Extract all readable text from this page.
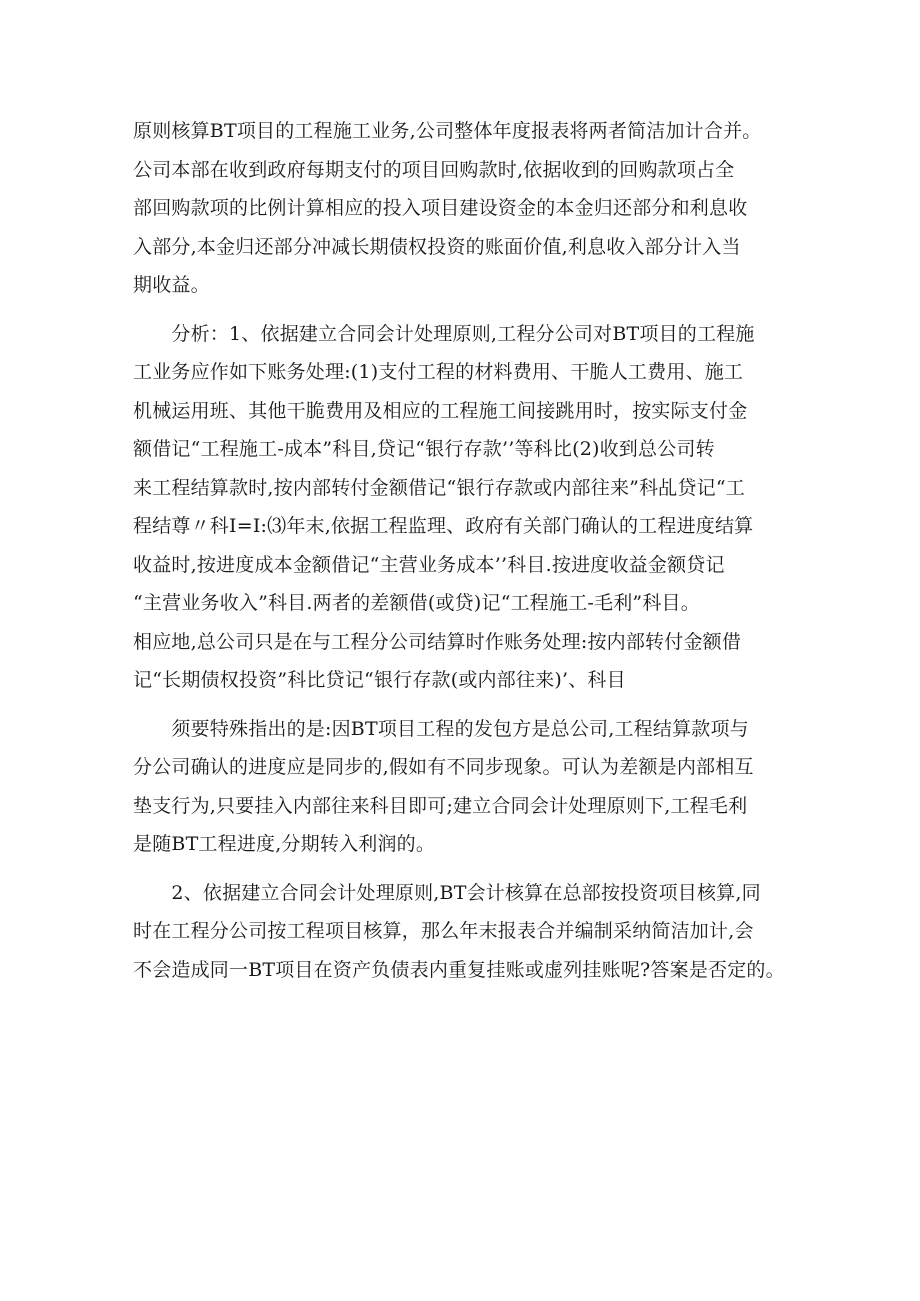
原则核算BT项目的工程施工业务,公司整体年度报表将两者简洁加计合并。
公司本部在收到政府每期支付的项目回购款时,依据收到的回购款项占全
部回购款项的比例计算相应的投入项目建设资金的本金归还部分和利息收
入部分,本金归还部分冲减长期债权投资的账面价值,利息收入部分计入当
期收益。

　　分析：1、依据建立合同会计处理原则,工程分公司对BT项目的工程施
工业务应作如下账务处理:(1)支付工程的材料费用、干脆人工费用、施工
机械运用班、其他干脆费用及相应的工程施工间接跳用时，按实际支付金
额借记“工程施工-成本”科目,贷记“银行存款’’等科比(2)收到总公司转
来工程结算款时,按内部转付金额借记“银行存款或内部往来”科乩贷记“工
程结尊〃科I=I:⑶年末,依据工程监理、政府有关部门确认的工程进度结算
收益时,按进度成本金额借记“主营业务成本’’科目.按进度收益金额贷记
“主营业务收入”科目.两者的差额借(或贷)记“工程施工-毛利”科目。
相应地,总公司只是在与工程分公司结算时作账务处理:按内部转付金额借
记“长期债权投资”科比贷记“银行存款(或内部往来)’、科目

　　须要特殊指出的是:因BT项目工程的发包方是总公司,工程结算款项与
分公司确认的进度应是同步的,假如有不同步现象。可认为差额是内部相互
垫支行为,只要挂入内部往来科目即可;建立合同会计处理原则下,工程毛利
是随BT工程进度,分期转入利润的。

　　2、依据建立合同会计处理原则,BT会计核算在总部按投资项目核算,同
时在工程分公司按工程项目核算，那么年末报表合并编制采纳简洁加计,会
不会造成同一BT项目在资产负债表内重复挂账或虚列挂账呢?答案是否定的。
